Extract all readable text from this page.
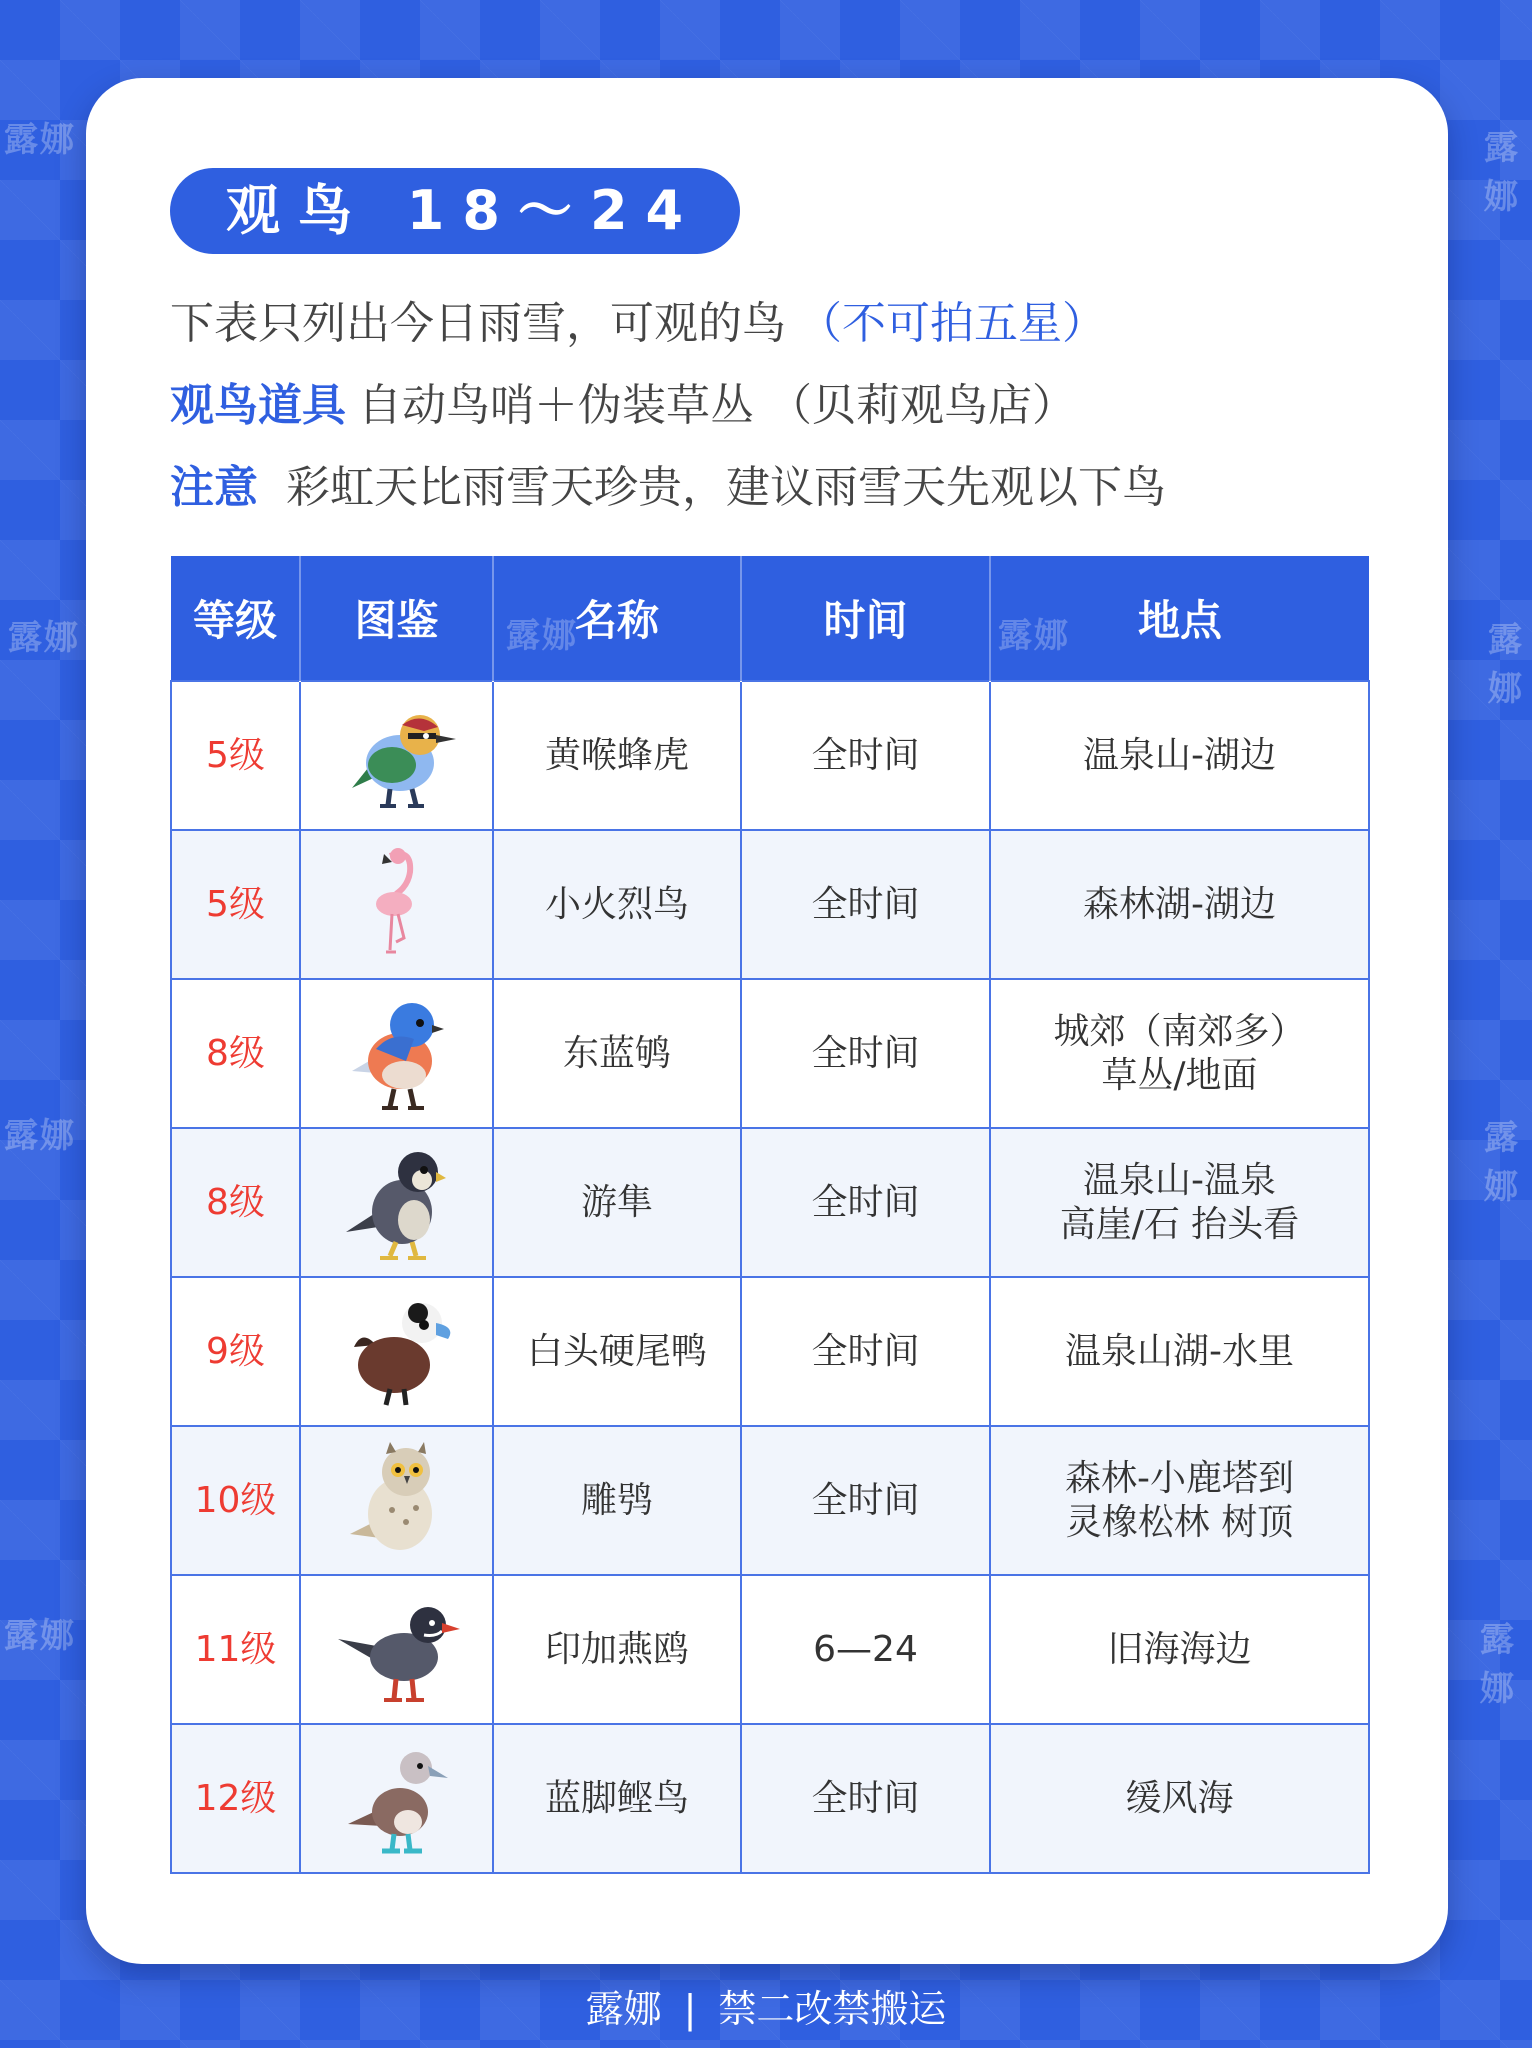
露娜
露娜
露娜
露娜
露娜
露娜
露娜
露娜
观鸟 18～24
下表只列出今日雨雪，可观的鸟 （不可拍五星）
观鸟道具 自动鸟哨＋伪装草丛 （贝莉观鸟店）
注意 彩虹天比雨雪天珍贵，建议雨雪天先观以下鸟
露娜	露娜
等级	图鉴	名称	时间	地点
5级		黄喉蜂虎	全时间	温泉山-湖边

5级		小火烈鸟	全时间	森林湖-湖边

8级		东蓝鸲	全时间	城郊（南郊多）
草丛/地面

8级		游隼	全时间	温泉山-温泉
高崖/石 抬头看

9级		白头硬尾鸭	全时间	温泉山湖-水里

10级		雕鸮	全时间	森林-小鹿塔到
灵橡松林 树顶

11级		印加燕鸥	6—24	旧海海边

12级		蓝脚鲣鸟	全时间	缓风海
露娜 | 禁二改禁搬运
